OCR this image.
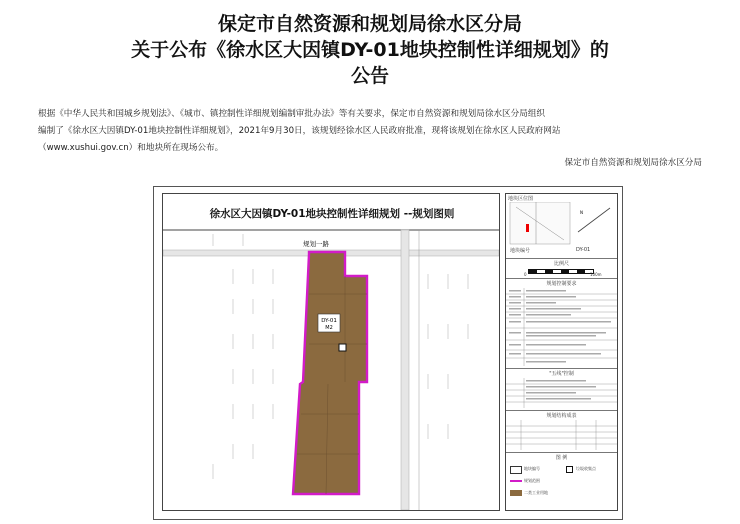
保定市自然资源和规划局徐水区分局
关于公布《徐水区大因镇DY-01地块控制性详细规划》的
公告

根据《中华人民共和国城乡规划法》、《城市、镇控制性详细规划编制审批办法》等有关要求，保定市自然资源和规划局徐水区分局组织

编制了《徐水区大因镇DY-01地块控制性详细规划》，2021年9月30日，该规划经徐水区人民政府批准，现将该规划在徐水区人民政府网站

（www.xushui.gov.cn）和地块所在现场公布。

保定市自然资源和规划局徐水区分局
徐水区大因镇DY-01地块控制性详细规划 --规划图则
DY-01
M2
规划一路
地块区位图
N
地块编号	DY-01
比例尺
0	100m
规划控制要求
"五线"控制
规划结构成表
图 例
地块编号	垃圾收集点
规划范围
二类工业用地
